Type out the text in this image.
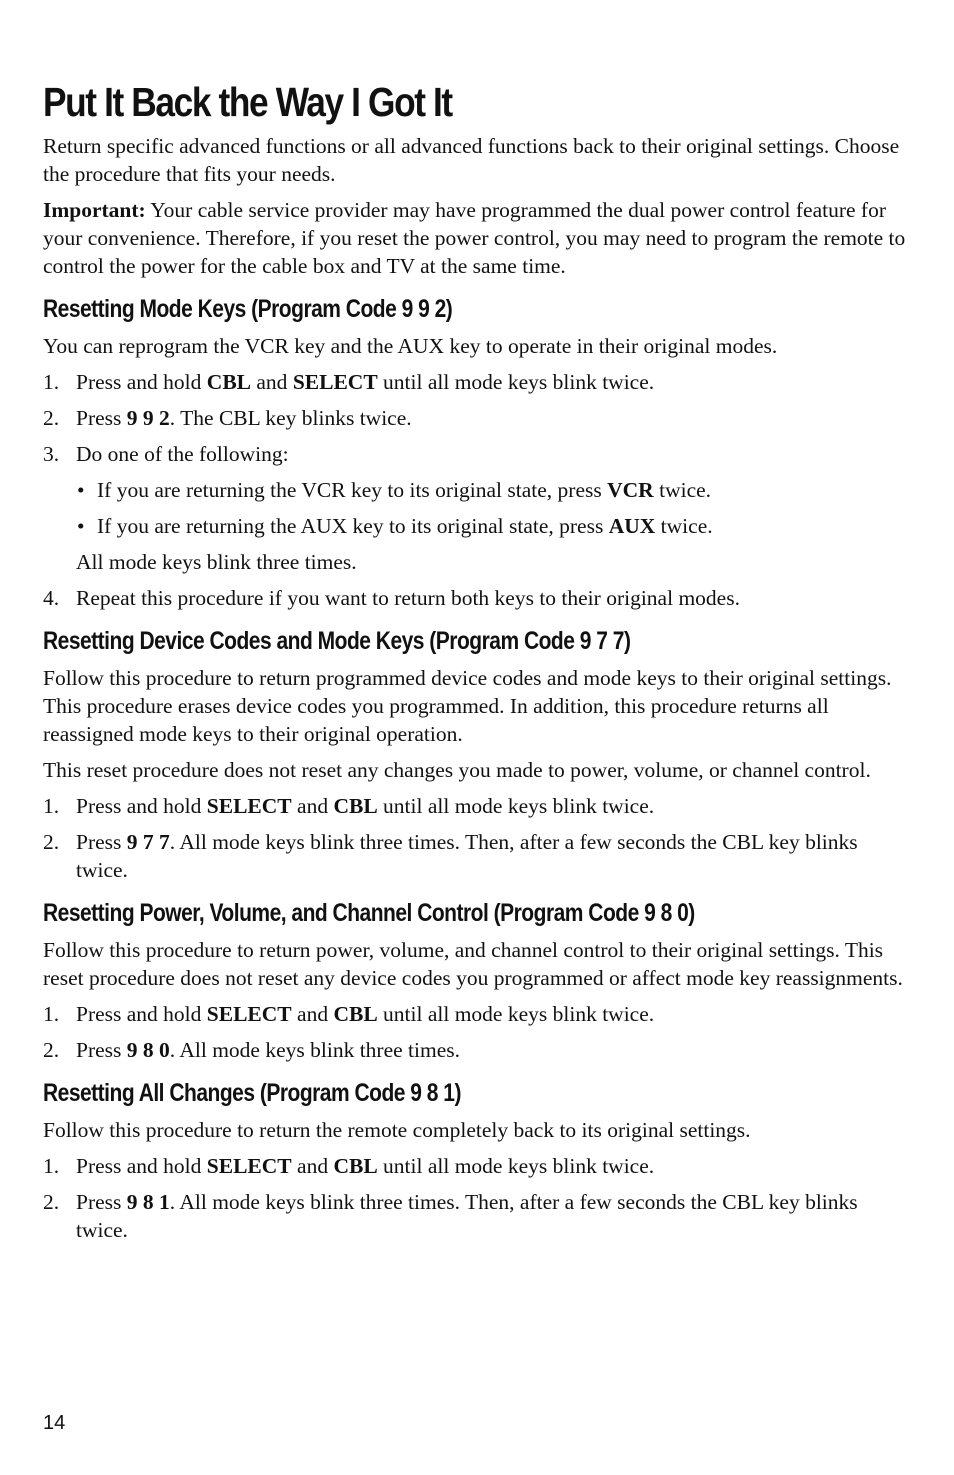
Put It Back the Way I Got It

Return specific advanced functions or all advanced functions back to their original settings. Choose the procedure that fits your needs.

Important: Your cable service provider may have programmed the dual power control feature for your convenience. Therefore, if you reset the power control, you may need to program the remote to control the power for the cable box and TV at the same time.

Resetting Mode Keys (Program Code 9 9 2)

You can reprogram the VCR key and the AUX key to operate in their original modes.

1. Press and hold CBL and SELECT until all mode keys blink twice.
2. Press 9 9 2. The CBL key blinks twice.
3. Do one of the following:
• If you are returning the VCR key to its original state, press VCR twice.
• If you are returning the AUX key to its original state, press AUX twice.
All mode keys blink three times.
4. Repeat this procedure if you want to return both keys to their original modes.
Resetting Device Codes and Mode Keys (Program Code 9 7 7)

Follow this procedure to return programmed device codes and mode keys to their original settings. This procedure erases device codes you programmed. In addition, this procedure returns all reassigned mode keys to their original operation.

This reset procedure does not reset any changes you made to power, volume, or channel control.

1. Press and hold SELECT and CBL until all mode keys blink twice.
2. Press 9 7 7. All mode keys blink three times. Then, after a few seconds the CBL key blinks twice.
Resetting Power, Volume, and Channel Control (Program Code 9 8 0)

Follow this procedure to return power, volume, and channel control to their original settings. This reset procedure does not reset any device codes you programmed or affect mode key reassignments.

1. Press and hold SELECT and CBL until all mode keys blink twice.
2. Press 9 8 0. All mode keys blink three times.
Resetting All Changes (Program Code 9 8 1)

Follow this procedure to return the remote completely back to its original settings.

1. Press and hold SELECT and CBL until all mode keys blink twice.
2. Press 9 8 1. All mode keys blink three times. Then, after a few seconds the CBL key blinks twice.
14
